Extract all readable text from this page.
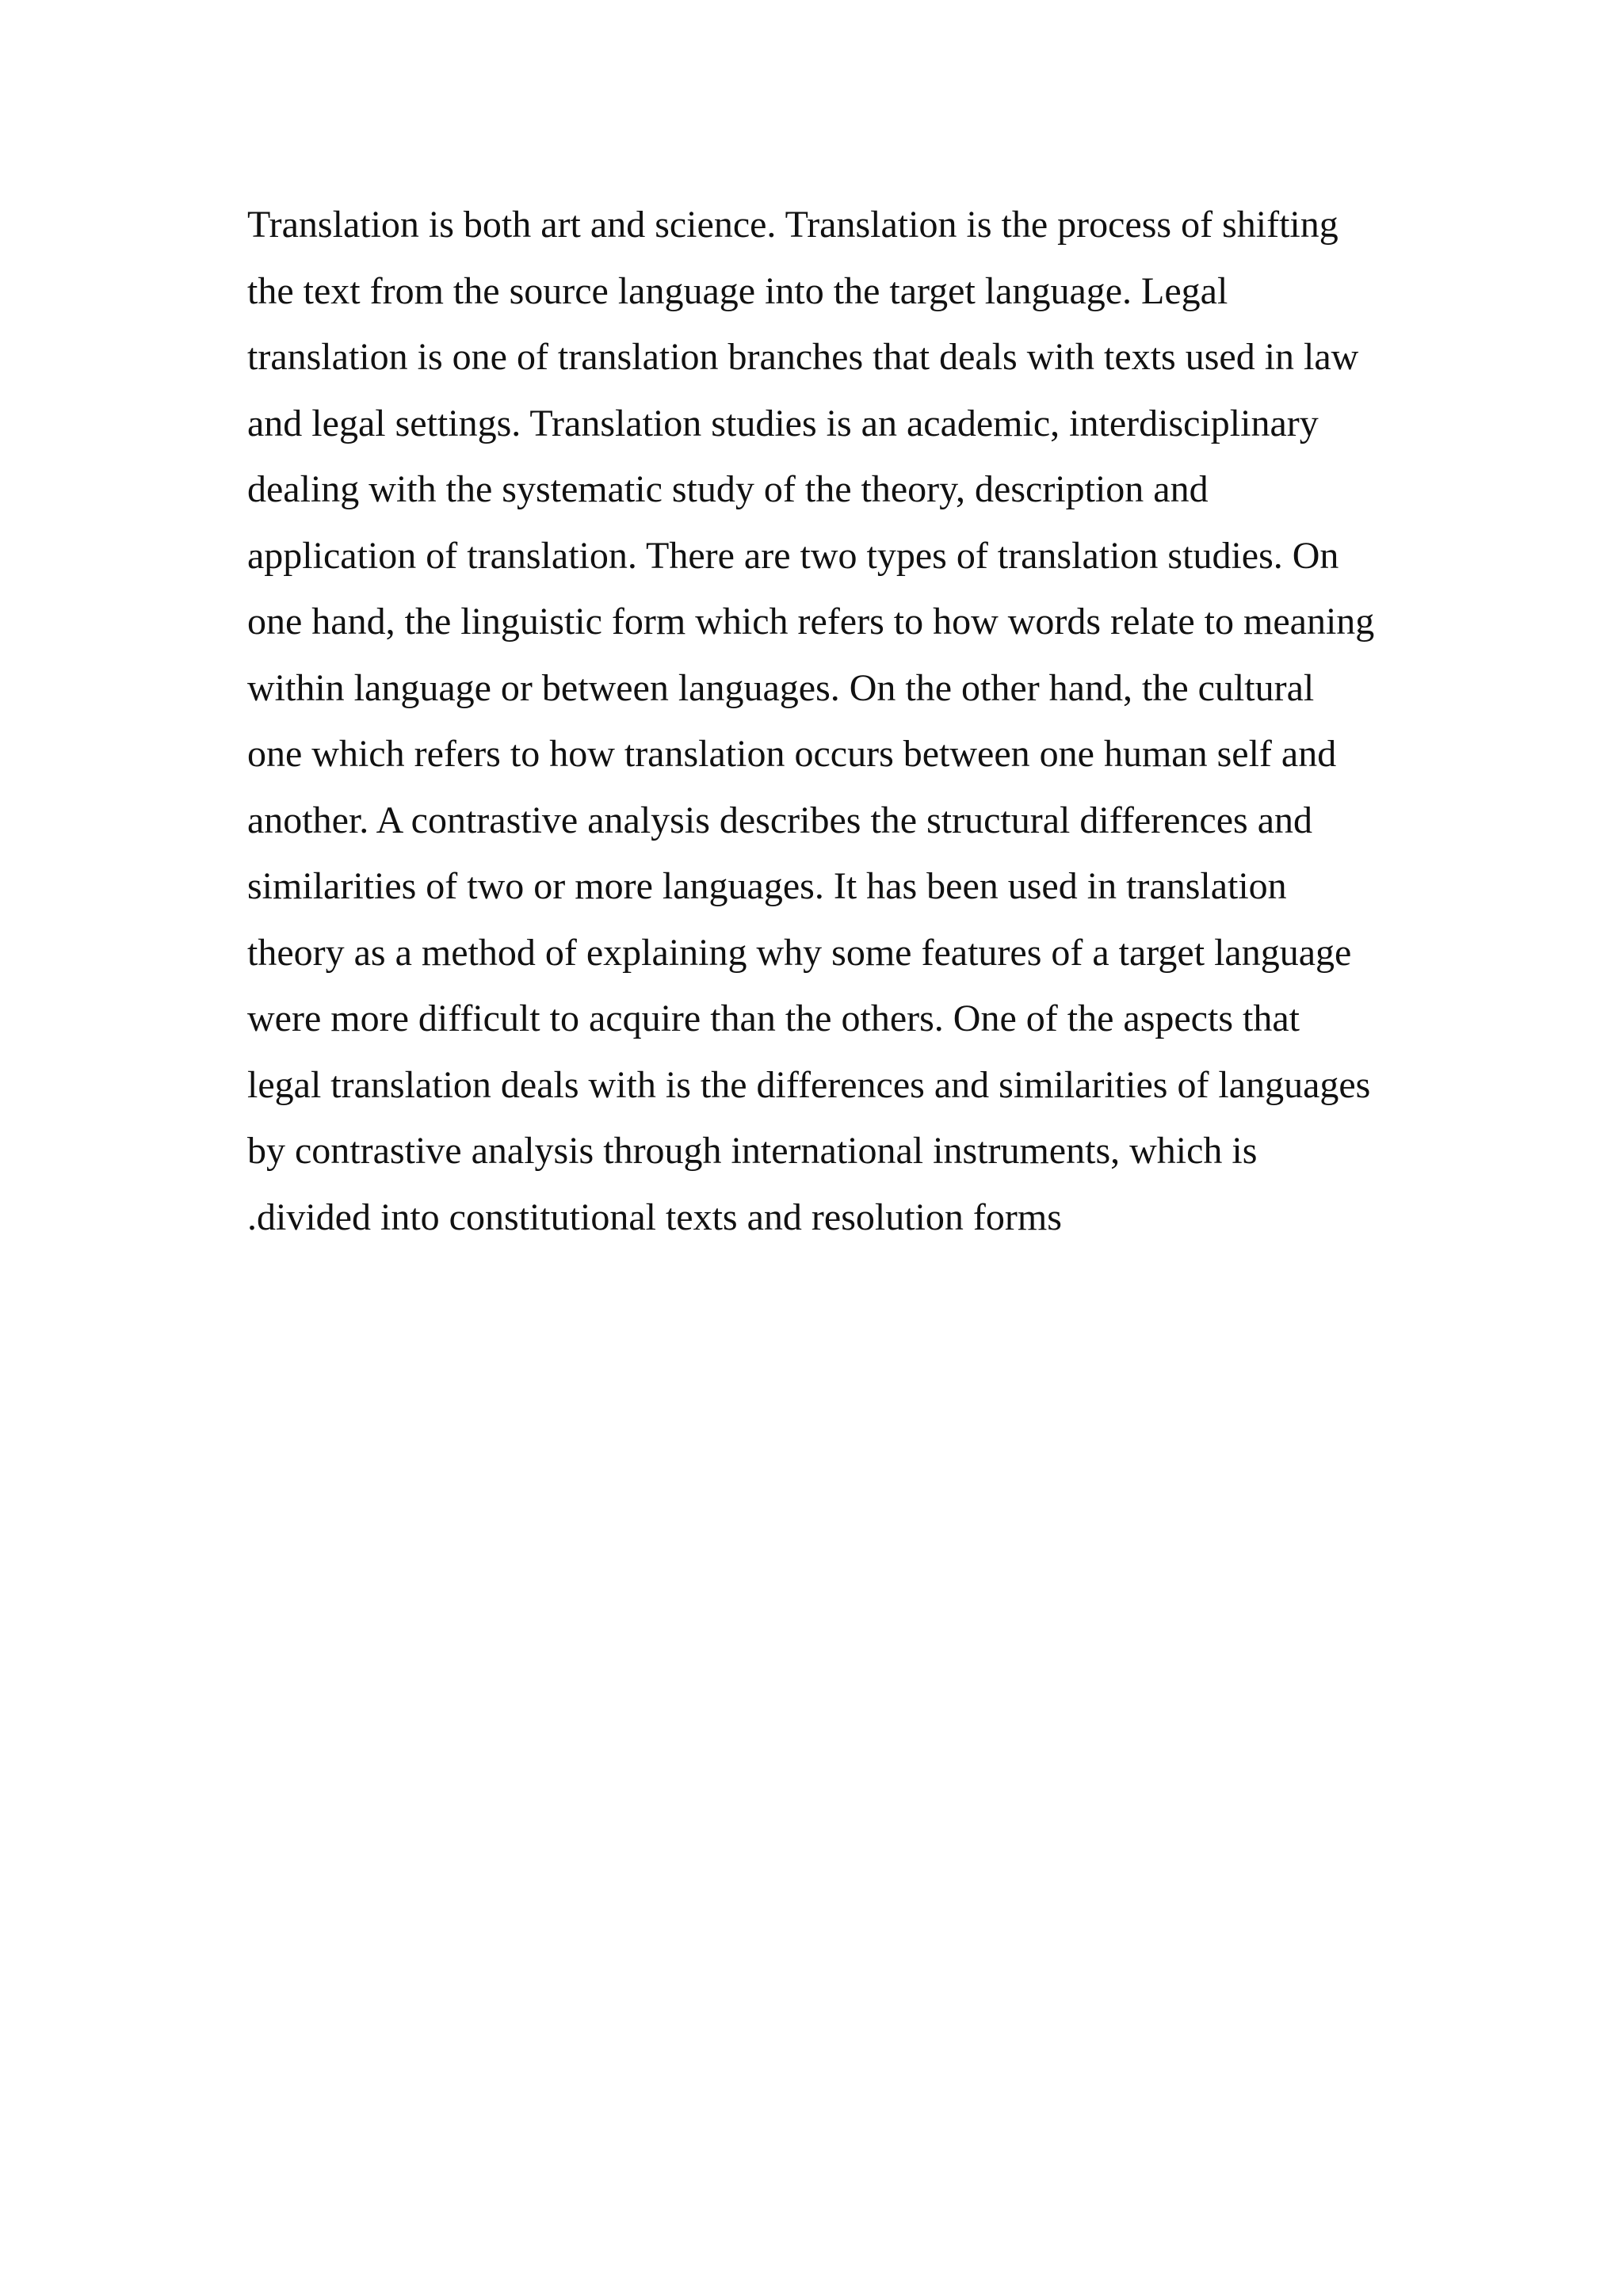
Translation is both art and science. Translation is the process of shifting
the text from the source language into the target language. Legal
translation is one of translation branches that deals with texts used in law
and legal settings. Translation studies is an academic, interdisciplinary
dealing with the systematic study of the theory, description and
application of translation. There are two types of translation studies. On
one hand, the linguistic form which refers to how words relate to meaning
within language or between languages. On the other hand, the cultural
one which refers to how translation occurs between one human self and
another. A contrastive analysis describes the structural differences and
similarities of two or more languages. It has been used in translation
theory as a method of explaining why some features of a target language
were more difficult to acquire than the others. One of the aspects that
legal translation deals with is the differences and similarities of languages
by contrastive analysis through international instruments, which is
.divided into constitutional texts and resolution forms
